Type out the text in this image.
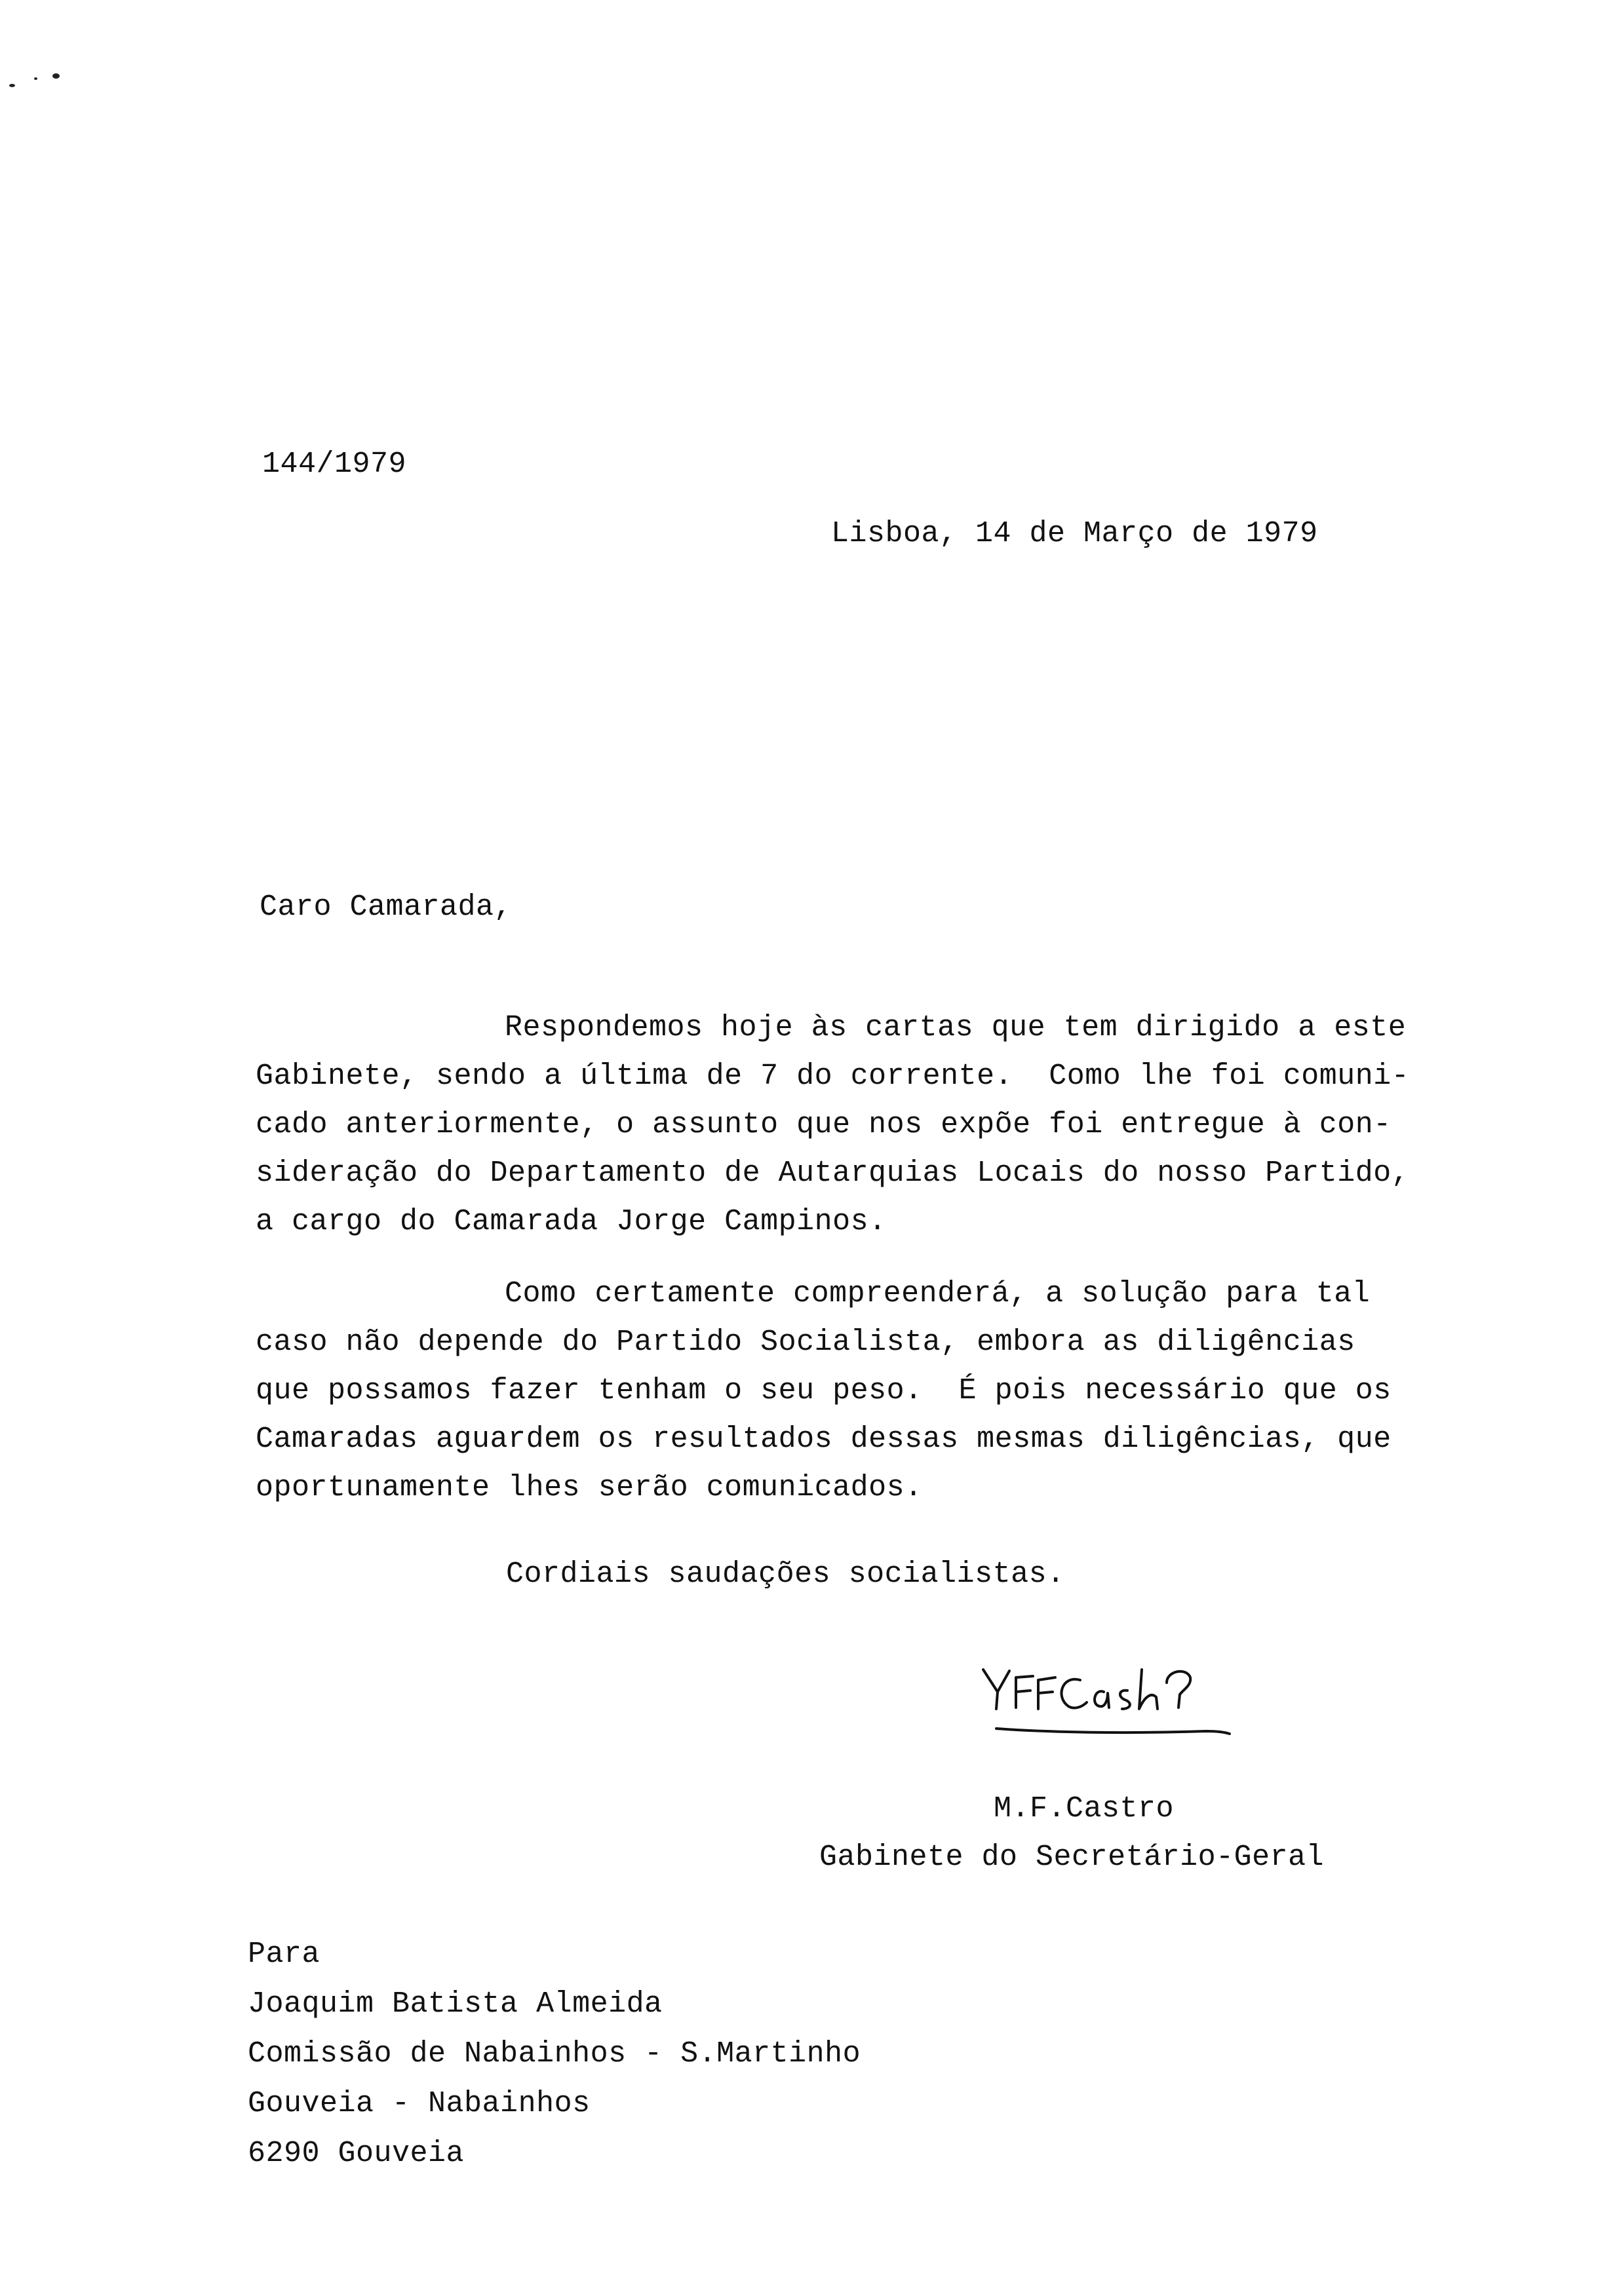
144/1979
Lisboa, 14 de Março de 1979
Caro Camarada,
Respondemos hoje às cartas que tem dirigido a este
Gabinete, sendo a última de 7 do corrente.  Como lhe foi comuni-
cado anteriormente, o assunto que nos expõe foi entregue à con-
sideração do Departamento de Autarquias Locais do nosso Partido,
a cargo do Camarada Jorge Campinos.
Como certamente compreenderá, a solução para tal
caso não depende do Partido Socialista, embora as diligências
que possamos fazer tenham o seu peso.  É pois necessário que os
Camaradas aguardem os resultados dessas mesmas diligências, que
oportunamente lhes serão comunicados.
Cordiais saudações socialistas.
M.F.Castro
Gabinete do Secretário-Geral
Para
Joaquim Batista Almeida
Comissão de Nabainhos - S.Martinho
Gouveia - Nabainhos
6290 Gouveia
